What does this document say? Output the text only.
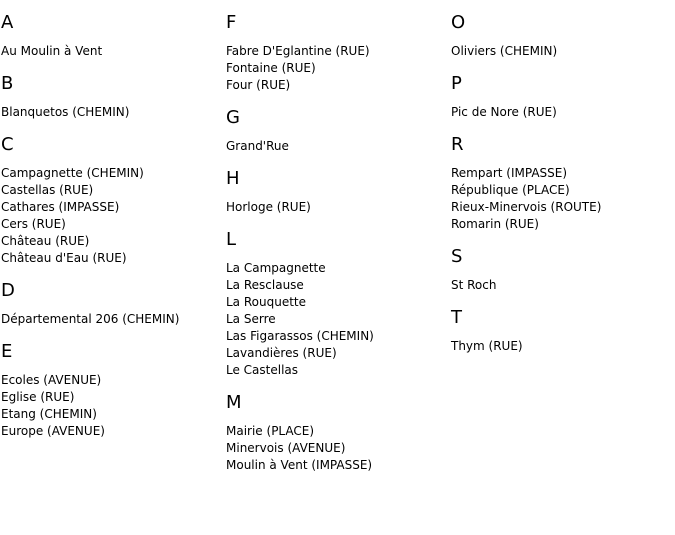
A
Au Moulin à Vent
B
Blanquetos (CHEMIN)
C
Campagnette (CHEMIN)
Castellas (RUE)
Cathares (IMPASSE)
Cers (RUE)
Château (RUE)
Château d'Eau (RUE)
D
Départemental 206 (CHEMIN)
E
Ecoles (AVENUE)
Eglise (RUE)
Etang (CHEMIN)
Europe (AVENUE)
F
Fabre D'Eglantine (RUE)
Fontaine (RUE)
Four (RUE)
G
Grand'Rue
H
Horloge (RUE)
L
La Campagnette
La Resclause
La Rouquette
La Serre
Las Figarassos (CHEMIN)
Lavandières (RUE)
Le Castellas
M
Mairie (PLACE)
Minervois (AVENUE)
Moulin à Vent (IMPASSE)
O
Oliviers (CHEMIN)
P
Pic de Nore (RUE)
R
Rempart (IMPASSE)
République (PLACE)
Rieux-Minervois (ROUTE)
Romarin (RUE)
S
St Roch
T
Thym (RUE)
